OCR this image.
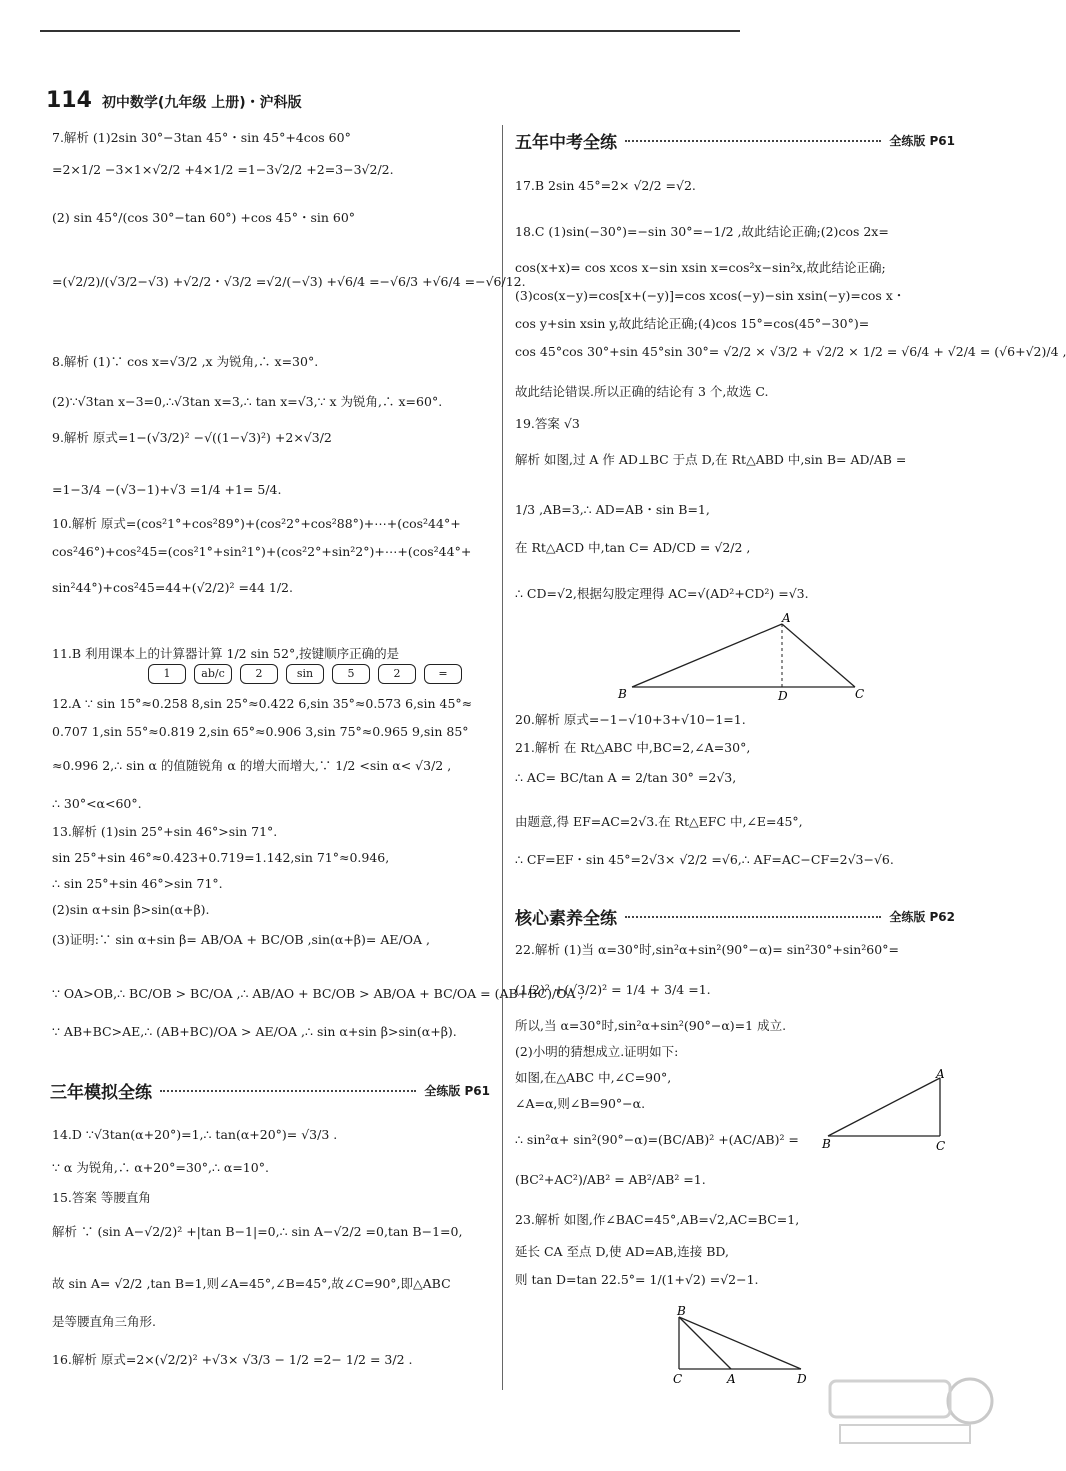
114 初中数学(九年级 上册)・沪科版
7.解析 (1)2sin 30°−3tan 45°・sin 45°+4cos 60°
=2×1/2 −3×1×√2/2 +4×1/2 =1−3√2/2 +2=3−3√2/2.
(2) sin 45°/(cos 30°−tan 60°) +cos 45°・sin 60°
=(√2/2)/(√3/2−√3) +√2/2・√3/2 =√2/(−√3) +√6/4 =−√6/3 +√6/4 =−√6/12.
8.解析 (1)∵ cos x=√3/2 ,x 为锐角,∴ x=30°.
(2)∵√3tan x−3=0,∴√3tan x=3,∴ tan x=√3,∵ x 为锐角,∴ x=60°.
9.解析 原式=1−(√3/2)² −√((1−√3)²) +2×√3/2
=1−3/4 −(√3−1)+√3 =1/4 +1= 5/4.
10.解析 原式=(cos²1°+cos²89°)+(cos²2°+cos²88°)+⋯+(cos²44°+
cos²46°)+cos²45=(cos²1°+sin²1°)+(cos²2°+sin²2°)+⋯+(cos²44°+
sin²44°)+cos²45=44+(√2/2)² =44 1/2.
11.B 利用课本上的计算器计算 1/2 sin 52°,按键顺序正确的是
12.A ∵ sin 15°≈0.258 8,sin 25°≈0.422 6,sin 35°≈0.573 6,sin 45°≈
0.707 1,sin 55°≈0.819 2,sin 65°≈0.906 3,sin 75°≈0.965 9,sin 85°
≈0.996 2,∴ sin α 的值随锐角 α 的增大而增大,∵ 1/2 <sin α< √3/2 ,
∴ 30°<α<60°.
13.解析 (1)sin 25°+sin 46°>sin 71°.
sin 25°+sin 46°≈0.423+0.719=1.142,sin 71°≈0.946,
∴ sin 25°+sin 46°>sin 71°.
(2)sin α+sin β>sin(α+β).
(3)证明:∵ sin α+sin β= AB/OA + BC/OB ,sin(α+β)= AE/OA ,
∵ OA>OB,∴ BC/OB > BC/OA ,∴ AB/AO + BC/OB > AB/OA + BC/OA = (AB+BC)/OA ,
∵ AB+BC>AE,∴ (AB+BC)/OA > AE/OA ,∴ sin α+sin β>sin(α+β).
14.D ∵√3tan(α+20°)=1,∴ tan(α+20°)= √3/3 .
∵ α 为锐角,∴ α+20°=30°,∴ α=10°.
15.答案 等腰直角
解析 ∵ (sin A−√2/2)² +|tan B−1|=0,∴ sin A−√2/2 =0,tan B−1=0,
故 sin A= √2/2 ,tan B=1,则∠A=45°,∠B=45°,故∠C=90°,即△ABC
是等腰直角三角形.
16.解析 原式=2×(√2/2)² +√3× √3/3 − 1/2 =2− 1/2 = 3/2 .
1	ab/c	2	sin	5	2	=
三年模拟全练	全练版 P61
五年中考全练	全练版 P61
核心素养全练	全练版 P62
17.B 2sin 45°=2× √2/2 =√2.
18.C (1)sin(−30°)=−sin 30°=−1/2 ,故此结论正确;(2)cos 2x=
cos(x+x)= cos xcos x−sin xsin x=cos²x−sin²x,故此结论正确;
(3)cos(x−y)=cos[x+(−y)]=cos xcos(−y)−sin xsin(−y)=cos x・
cos y+sin xsin y,故此结论正确;(4)cos 15°=cos(45°−30°)=
cos 45°cos 30°+sin 45°sin 30°= √2/2 × √3/2 + √2/2 × 1/2 = √6/4 + √2/4 = (√6+√2)/4 ,
故此结论错误.所以正确的结论有 3 个,故选 C.
19.答案 √3
解析 如图,过 A 作 AD⊥BC 于点 D,在 Rt△ABD 中,sin B= AD/AB =
1/3 ,AB=3,∴ AD=AB・sin B=1,
在 Rt△ACD 中,tan C= AD/CD = √2/2 ,
∴ CD=√2,根据勾股定理得 AC=√(AD²+CD²) =√3.
20.解析 原式=−1−√10+3+√10−1=1.
21.解析 在 Rt△ABC 中,BC=2,∠A=30°,
∴ AC= BC/tan A = 2/tan 30° =2√3,
由题意,得 EF=AC=2√3.在 Rt△EFC 中,∠E=45°,
∴ CF=EF・sin 45°=2√3× √2/2 =√6,∴ AF=AC−CF=2√3−√6.
22.解析 (1)当 α=30°时,sin²α+sin²(90°−α)= sin²30°+sin²60°=
(1/2)² +(√3/2)² = 1/4 + 3/4 =1.
所以,当 α=30°时,sin²α+sin²(90°−α)=1 成立.
(2)小明的猜想成立.证明如下:
如图,在△ABC 中,∠C=90°,
∠A=α,则∠B=90°−α.
∴ sin²α+ sin²(90°−α)=(BC/AB)² +(AC/AB)² =
(BC²+AC²)/AB² = AB²/AB² =1.
23.解析 如图,作∠BAC=45°,AB=√2,AC=BC=1,
延长 CA 至点 D,使 AD=AB,连接 BD,
则 tan D=tan 22.5°= 1/(1+√2) =√2−1.
A
B	D	C
A
B	C
B
C	A	D
